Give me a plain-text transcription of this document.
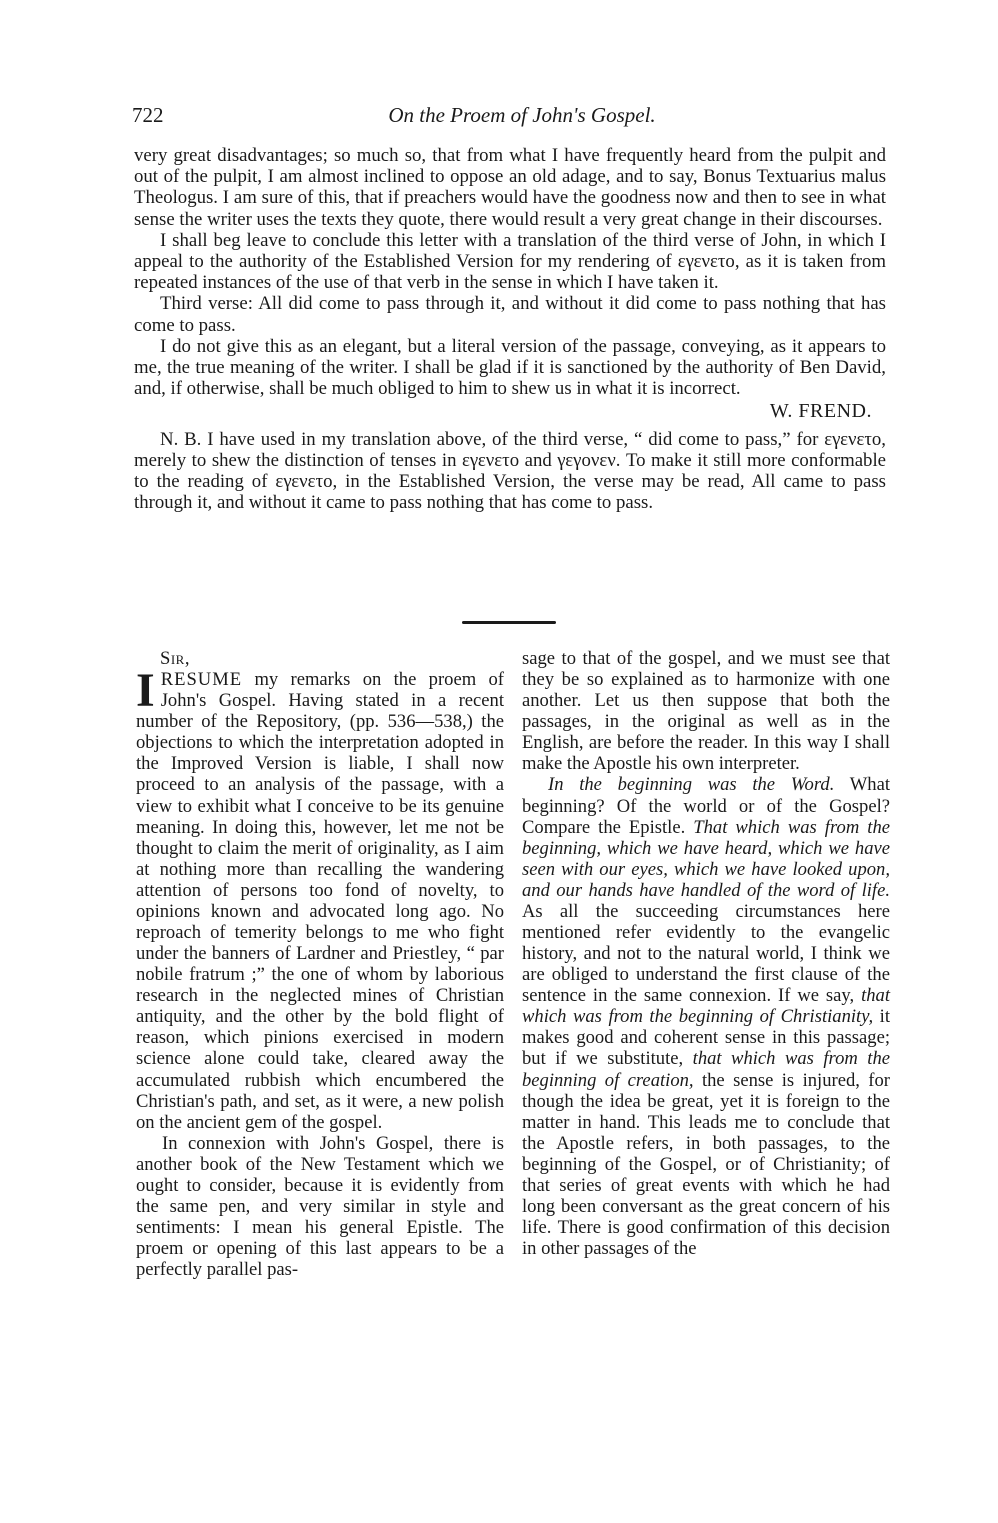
722	On the Proem of John's Gospel.

very great disadvantages; so much so, that from what I have frequently heard from the pulpit and out of the pulpit, I am almost inclined to oppose an old adage, and to say, Bonus Textuarius malus Theologus. I am sure of this, that if preachers would have the goodness now and then to see in what sense the writer uses the texts they quote, there would result a very great change in their discourses.

I shall beg leave to conclude this letter with a translation of the third verse of John, in which I appeal to the authority of the Established Version for my rendering of εγενετο, as it is taken from repeated instances of the use of that verb in the sense in which I have taken it.

Third verse: All did come to pass through it, and without it did come to pass nothing that has come to pass.

I do not give this as an elegant, but a literal version of the passage, conveying, as it appears to me, the true meaning of the writer. I shall be glad if it is sanctioned by the authority of Ben David, and, if otherwise, shall be much obliged to him to shew us in what it is incorrect.

W. FREND.

N. B. I have used in my translation above, of the third verse, “ did come to pass,” for εγενετο, merely to shew the distinction of tenses in εγενετο and γεγονεν. To make it still more conformable to the reading of εγενετο, in the Established Version, the verse may be read, All came to pass through it, and without it came to pass nothing that has come to pass.

Sir,

IRESUME my remarks on the proem of John's Gospel. Having stated in a recent number of the Repository, (pp. 536—538,) the objections to which the interpretation adopted in the Improved Version is liable, I shall now proceed to an analysis of the passage, with a view to exhibit what I conceive to be its genuine meaning. In doing this, however, let me not be thought to claim the merit of originality, as I aim at nothing more than recalling the wandering attention of persons too fond of novelty, to opinions known and advocated long ago. No reproach of temerity belongs to me who fight under the banners of Lardner and Priestley, “ par nobile fratrum ;” the one of whom by laborious research in the neglected mines of Christian antiquity, and the other by the bold flight of reason, which pinions exercised in modern science alone could take, cleared away the accumulated rubbish which encumbered the Christian's path, and set, as it were, a new polish on the ancient gem of the gospel.

In connexion with John's Gospel, there is another book of the New Testament which we ought to consider, because it is evidently from the same pen, and very similar in style and sentiments: I mean his general Epistle. The proem or opening of this last appears to be a perfectly parallel pas-

sage to that of the gospel, and we must see that they be so explained as to harmonize with one another. Let us then suppose that both the passages, in the original as well as in the English, are before the reader. In this way I shall make the Apostle his own interpreter.

In the beginning was the Word. What beginning? Of the world or of the Gospel? Compare the Epistle. That which was from the beginning, which we have heard, which we have seen with our eyes, which we have looked upon, and our hands have handled of the word of life. As all the succeeding circumstances here mentioned refer evidently to the evangelic history, and not to the natural world, I think we are obliged to understand the first clause of the sentence in the same connexion. If we say, that which was from the beginning of Christianity, it makes good and coherent sense in this passage; but if we substitute, that which was from the beginning of creation, the sense is injured, for though the idea be great, yet it is foreign to the matter in hand. This leads me to conclude that the Apostle refers, in both passages, to the beginning of the Gospel, or of Christianity; of that series of great events with which he had long been conversant as the great concern of his life. There is good confirmation of this decision in other passages of the
